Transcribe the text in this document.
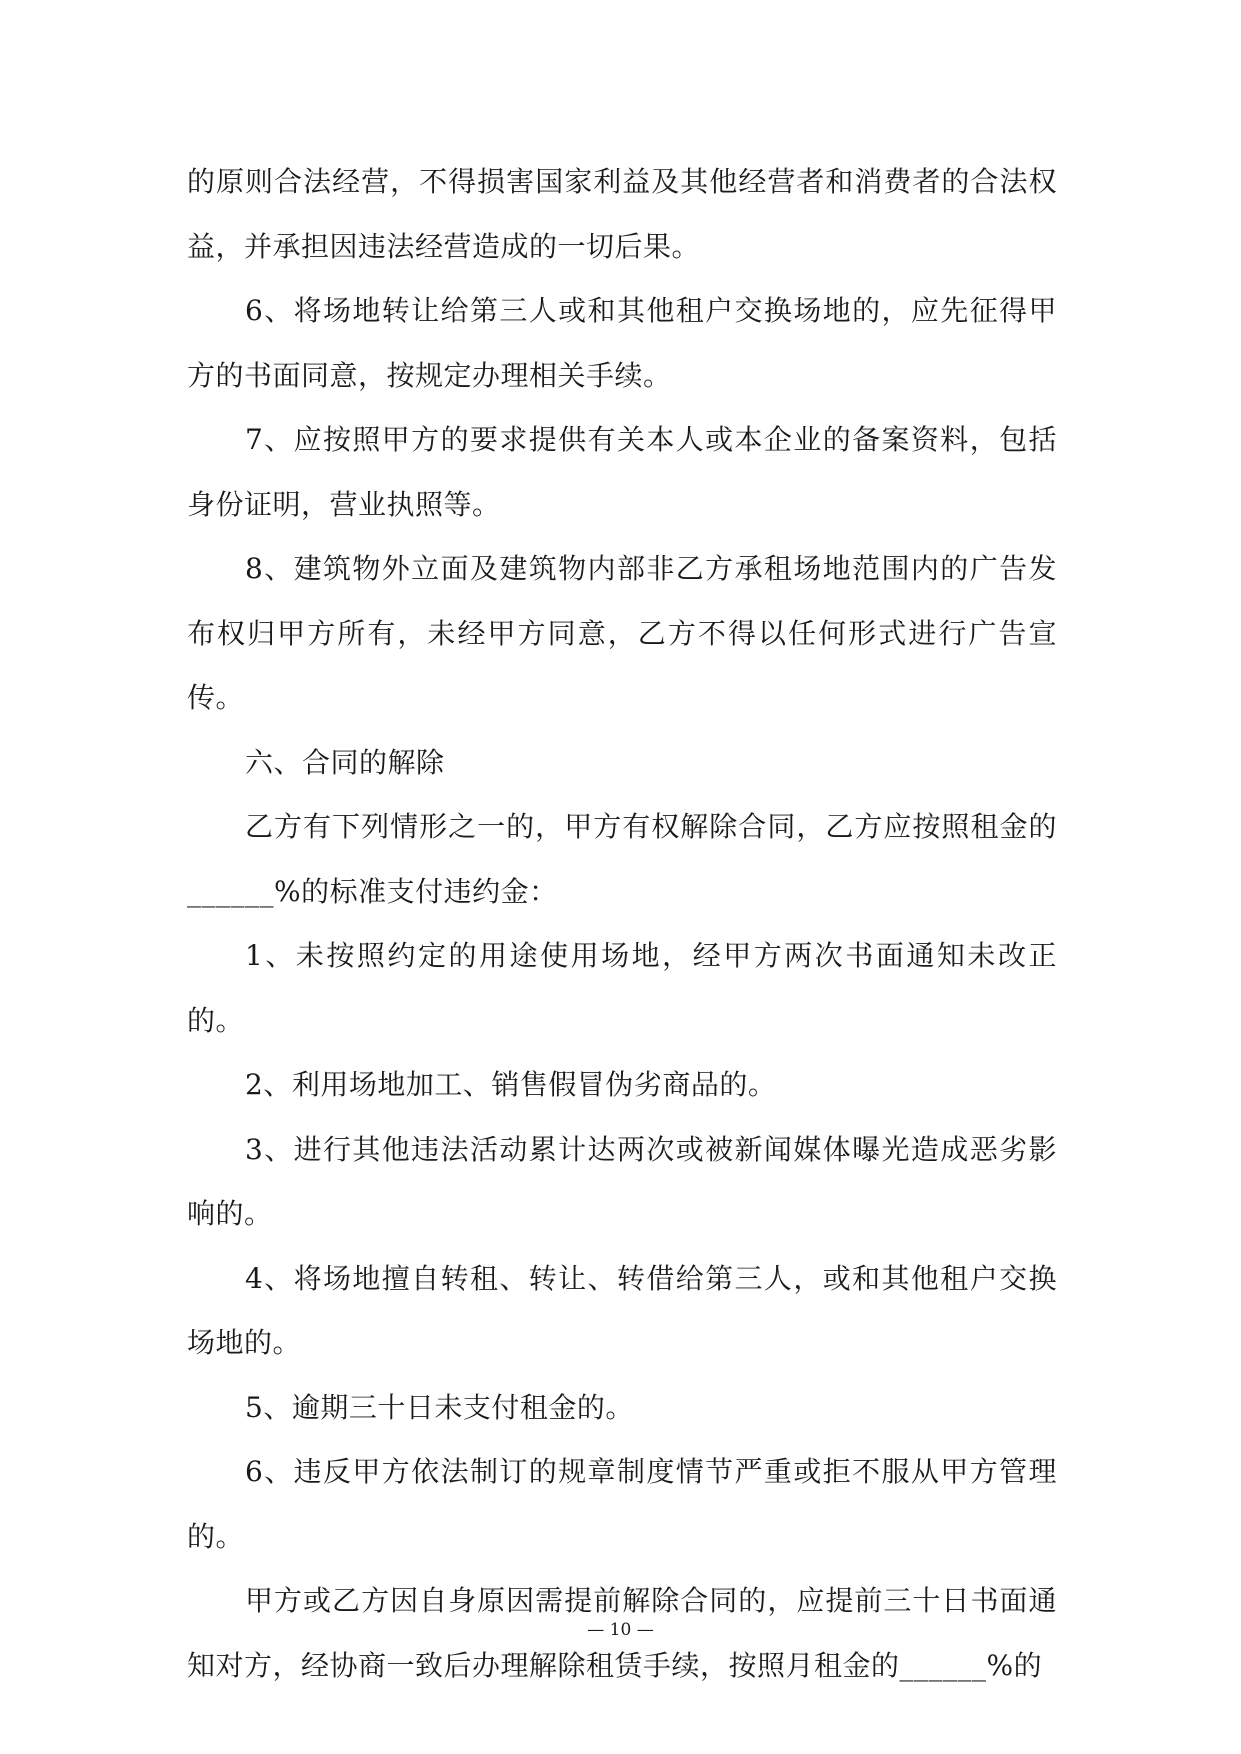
的原则合法经营，不得损害国家利益及其他经营者和消费者的合法权益，并承担因违法经营造成的一切后果。

6、将场地转让给第三人或和其他租户交换场地的，应先征得甲方的书面同意，按规定办理相关手续。

7、应按照甲方的要求提供有关本人或本企业的备案资料，包括身份证明，营业执照等。

8、建筑物外立面及建筑物内部非乙方承租场地范围内的广告发布权归甲方所有，未经甲方同意，乙方不得以任何形式进行广告宣传。

六、合同的解除

乙方有下列情形之一的，甲方有权解除合同，乙方应按照租金的______%的标准支付违约金：

1、未按照约定的用途使用场地，经甲方两次书面通知未改正的。

2、利用场地加工、销售假冒伪劣商品的。

3、进行其他违法活动累计达两次或被新闻媒体曝光造成恶劣影响的。

4、将场地擅自转租、转让、转借给第三人，或和其他租户交换场地的。

5、逾期三十日未支付租金的。

6、违反甲方依法制订的规章制度情节严重或拒不服从甲方管理的。

甲方或乙方因自身原因需提前解除合同的，应提前三十日书面通知对方，经协商一致后办理解除租赁手续，按照月租金的______%的

— 10 —
